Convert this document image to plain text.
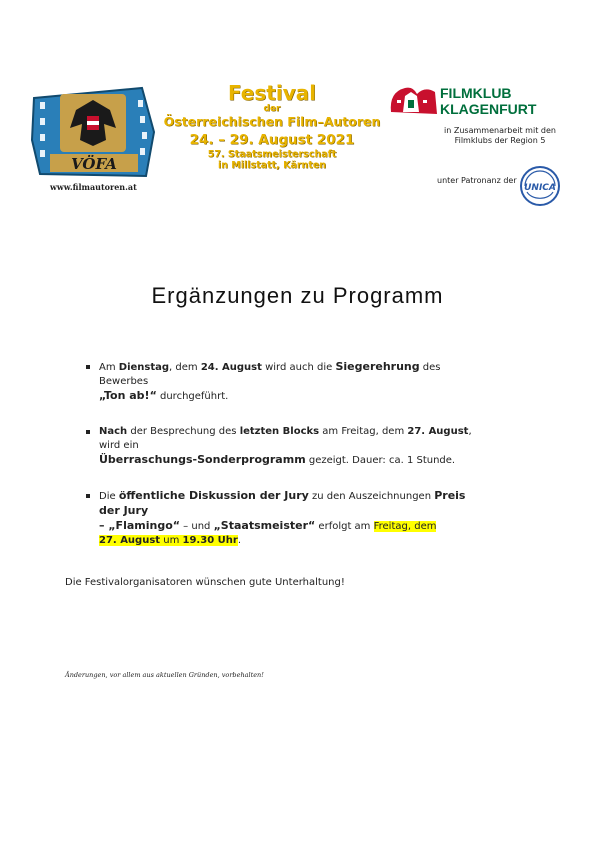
VÖFA
www.filmautoren.at
Festival
der
Österreichischen Film–Autoren
24. – 29. August 2021
57. Staatsmeisterschaft
in Millstatt, Kärnten
FILMKLUB
KLAGENFURT
in Zusammenarbeit mit den
Filmklubs der Region 5
unter Patronanz der
UNICA
Ergänzungen zu Programm
Am Dienstag, dem 24. August wird auch die Siegerehrung des Bewerbes
„Ton ab!“ durchgeführt.
Nach der Besprechung des letzten Blocks am Freitag, dem 27. August, wird ein
Überraschungs-Sonderprogramm gezeigt. Dauer: ca. 1 Stunde.
Die öffentliche Diskussion der Jury zu den Auszeichnungen Preis der Jury
– „Flamingo“ – und „Staatsmeister“ erfolgt am Freitag, dem
27. August um 19.30 Uhr.
Die Festivalorganisatoren wünschen gute Unterhaltung!
Änderungen, vor allem aus aktuellen Gründen, vorbehalten!
